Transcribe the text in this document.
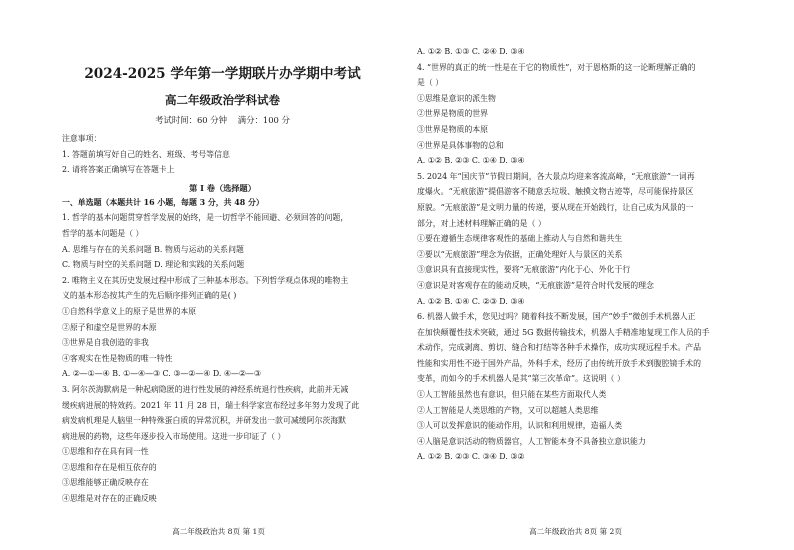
2024-2025 学年第一学期联片办学期中考试
高二年级政治学科试卷
考试时间：60 分钟 满分：100 分
注意事项：
1. 答题前填写好自己的姓名、班级、考号等信息
2. 请将答案正确填写在答题卡上
第 I 卷（选择题）
一、单选题（本题共计 16 小题，每题 3 分，共 48 分）
1. 哲学的基本问题贯穿哲学发展的始终，是一切哲学不能回避、必须回答的问题，
哲学的基本问题是（ ）
A. 思维与存在的关系问题 B. 物质与运动的关系问题
C. 物质与时空的关系问题 D. 理论和实践的关系问题
2. 唯物主义在其历史发展过程中形成了三种基本形态。下列哲学观点体现的唯物主
义的基本形态按其产生的先后顺序排列正确的是( )
①自然科学意义上的原子是世界的本原
②原子和虚空是世界的本原
③世界是自我创造的非我
④客观实在性是物质的唯一特性
A. ②—①—④ B. ①—④—③ C. ③—②—④ D. ④—②—③
3. 阿尔茨海默病是一种起病隐匿的进行性发展的神经系统退行性疾病，此前并无减
缓疾病进展的特效药。2021 年 11 月 28 日，瑞士科学家宣布经过多年努力发现了此
病发病机理是人脑里一种特殊蛋白质的异常沉积，并研发出一款可减缓阿尔茨海默
病进展的药物，这些年逐步投入市场使用。这进一步印证了（ ）
①思维和存在具有同一性
②思维和存在是相互依存的
③思维能够正确反映存在
④思维是对存在的正确反映
高二年级政治共 8页 第 1页
A. ①② B. ①③ C. ②④ D. ③④
4. “世界的真正的统一性是在于它的物质性”，对于恩格斯的这一论断理解正确的
是（ ）
①思维是意识的派生物
②世界是物质的世界
③世界是物质的本原
④世界是具体事物的总和
A. ①② B. ②③ C. ①④ D. ③④
5. 2024 年“国庆节”节假日期间，各大景点均迎来客流高峰，“无痕旅游”一词再
度爆火。“无痕旅游”提倡游客不随意丢垃圾、触摸文物古迹等，尽可能保持景区
原貌。“无痕旅游”是文明力量的传递，要从现在开始践行，让自己成为风景的一
部分，对上述材料理解正确的是（ ）
①要在遵循生态规律客观性的基础上推动人与自然和谐共生
②要以“无痕旅游”理念为依据，正确处理好人与景区的关系
③意识具有直接现实性，要将“无痕旅游”内化于心、外化于行
④意识是对客观存在的能动反映，“无痕旅游”是符合时代发展的理念
A. ①② B. ①④ C. ②③ D. ③④
6. 机器人做手术，您见过吗？随着科技不断发展，国产“妙手”微创手术机器人正
在加快颠覆性技术突破，通过 5G 数据传输技术，机器人手精准地复现工作人员的手
术动作，完成剥离、剪切、缝合和打结等各种手术操作，成功实现远程手术。产品
性能和实用性不逊于国外产品，外科手术，经历了由传统开放手术到腹腔镜手术的
变革，而如今的手术机器人是其“第三次革命”。这说明（ ）
①人工智能虽然也有意识，但只能在某些方面取代人类
②人工智能是人类思维的产物，又可以超越人类思维
③人可以发挥意识的能动作用，认识和利用规律，造福人类
④人脑是意识活动的物质器官，人工智能本身不具备独立意识能力
A. ①② B. ②③ C. ③④ D. ③②
高二年级政治共 8页 第 2页
